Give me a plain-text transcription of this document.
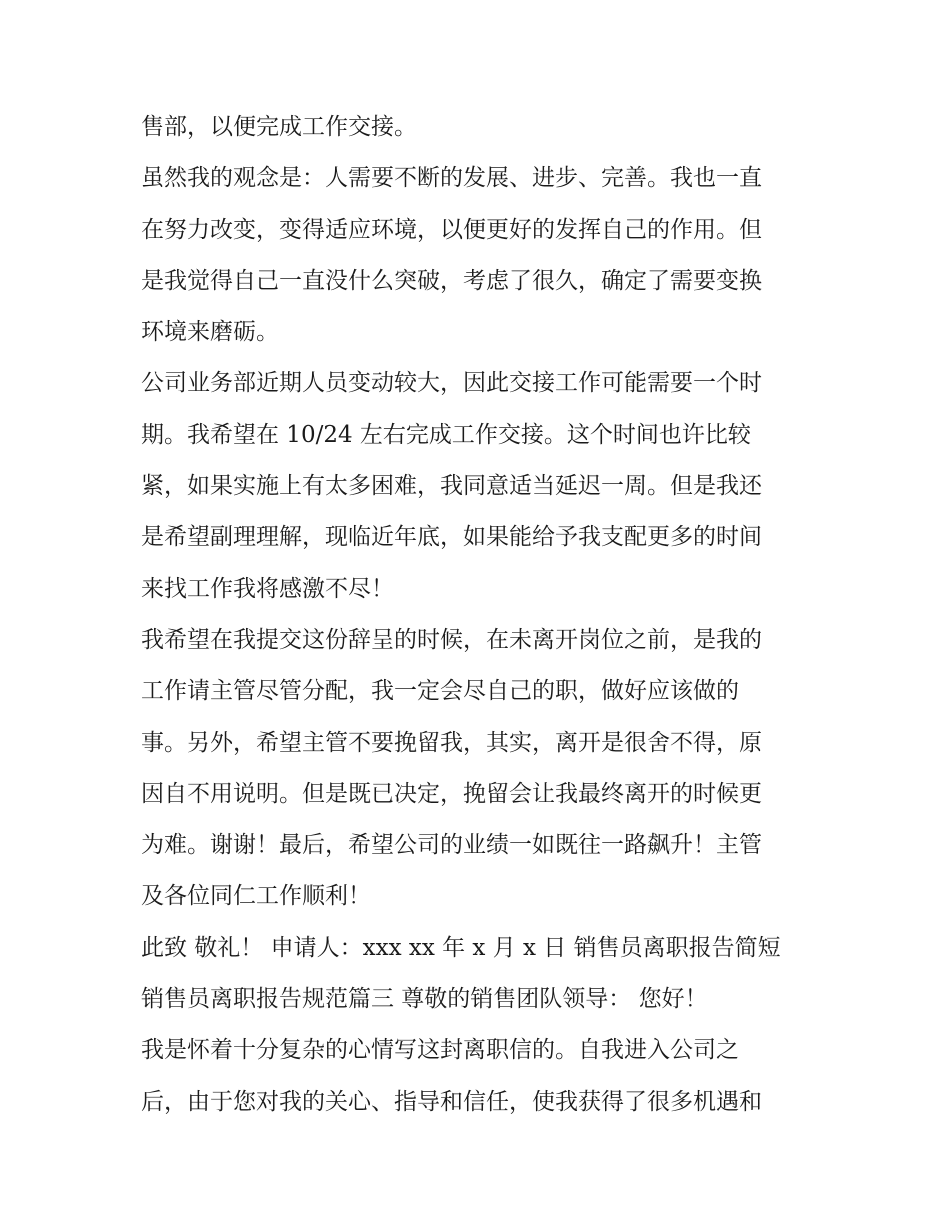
售部，以便完成工作交接。
虽然我的观念是：人需要不断的发展、进步、完善。我也一直
在努力改变，变得适应环境，以便更好的发挥自己的作用。但
是我觉得自己一直没什么突破，考虑了很久，确定了需要变换
环境来磨砺。
公司业务部近期人员变动较大，因此交接工作可能需要一个时
期。我希望在 10/24 左右完成工作交接。这个时间也许比较
紧，如果实施上有太多困难，我同意适当延迟一周。但是我还
是希望副理理解，现临近年底，如果能给予我支配更多的时间
来找工作我将感激不尽！
我希望在我提交这份辞呈的时候，在未离开岗位之前，是我的
工作请主管尽管分配，我一定会尽自己的职，做好应该做的
事。另外，希望主管不要挽留我，其实，离开是很舍不得，原
因自不用说明。但是既已决定，挽留会让我最终离开的时候更
为难。谢谢！最后，希望公司的业绩一如既往一路飙升！主管
及各位同仁工作顺利！
此致 敬礼！ 申请人：xxx xx 年 x 月 x 日 销售员离职报告简短
销售员离职报告规范篇三 尊敬的销售团队领导： 您好！
我是怀着十分复杂的心情写这封离职信的。自我进入公司之
后，由于您对我的关心、指导和信任，使我获得了很多机遇和
